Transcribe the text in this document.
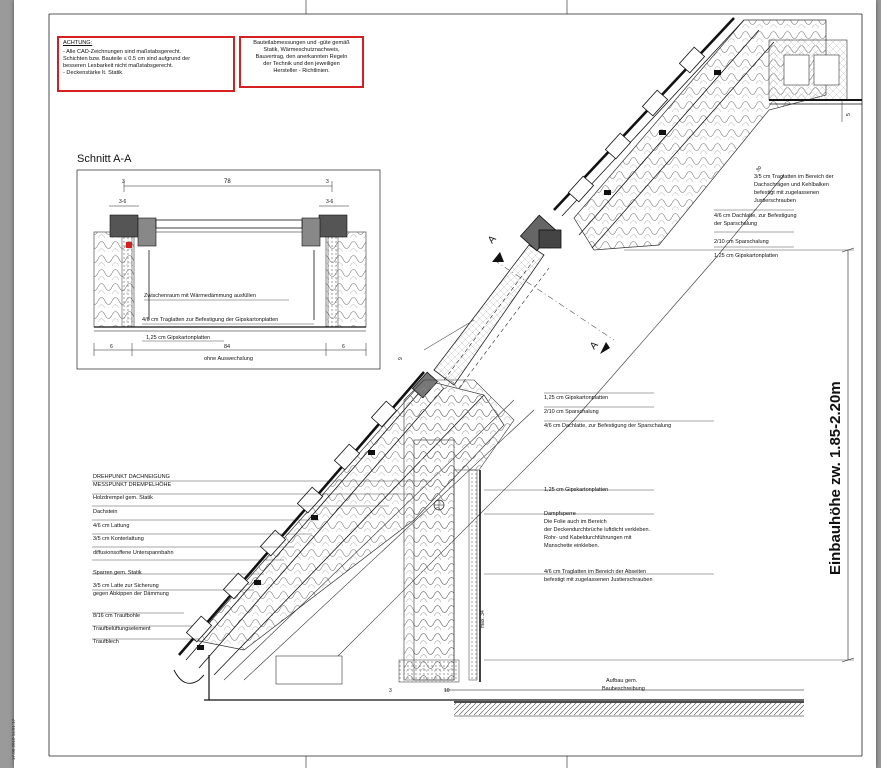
Einbauhöhe zw. 1.85-2.20m
Schnitt A-A
78
3	3
3-6	3-6
Zwischenraum mit Wärmedämmung ausfüllen
4/6 cm Traglatten zur Befestigung der Gipskartonplatten
1,25 cm Gipskartonplatten
6	84	6
ohne Auswechslung
3/5 cm Traglatten im Bereich der
Dachschrägen und Kehlbalken
befestigt mit zugelassenen
Justierschrauben
4/6 cm Dachlatte, zur Befestigung
der Sparschalung
2/10 cm Sparschalung
1,25 cm Gipskartonplatten
1,25 cm Gipskartonplatten
2/10 cm Sparschalung
4/6 cm Dachlatte, zur Befestigung der Sparschalung
1,25 cm Gipskartonplatten
Dampfsperre
Die Folie auch im Bereich
der Deckendurchbrüche luftdicht verkleben.
Rohr- und Kabeldurchführungen mit
Manschette einkleben.
4/6 cm Traglatten im Bereich der Abseiten
befestigt mit zugelassenen Justierschrauben
Aufbau gem.
Baubeschreibung
DREHPUNKT DACHNEIGUNG
MESSPUNKT DREMPELHÖHE
Holzdrempel gem. Statik
Dachstein
4/6 cm Lattung
3/5 cm Konterlattung
diffusionsoffene Unterspannbahn
Sparren gem. Statik
3/5 cm Latte zur Sicherung
gegen Abkippen der Dämmung
8/16 cm Traufbohle
Traufbelüftungselement
Traufblech
30
5
9
max. 34
3	10
A
A
ACHTUNG:
- Alle CAD-Zeichnungen sind maßstabsgerecht.
Schichten bzw. Bauteile ≤ 0.5 cm sind aufgrund der
besseren Lesbarkeit nicht maßstabsgerecht.
- Deckenstärke lt. Statik.
Bauteilabmessungen und -güte gemäß
Statik, Wärmeschutznachweis,
Bauvertrag, den anerkannten Regeln
der Technik und den jeweiligen
Hersteller - Richtlinien.
17.05.2010 14:51:17
